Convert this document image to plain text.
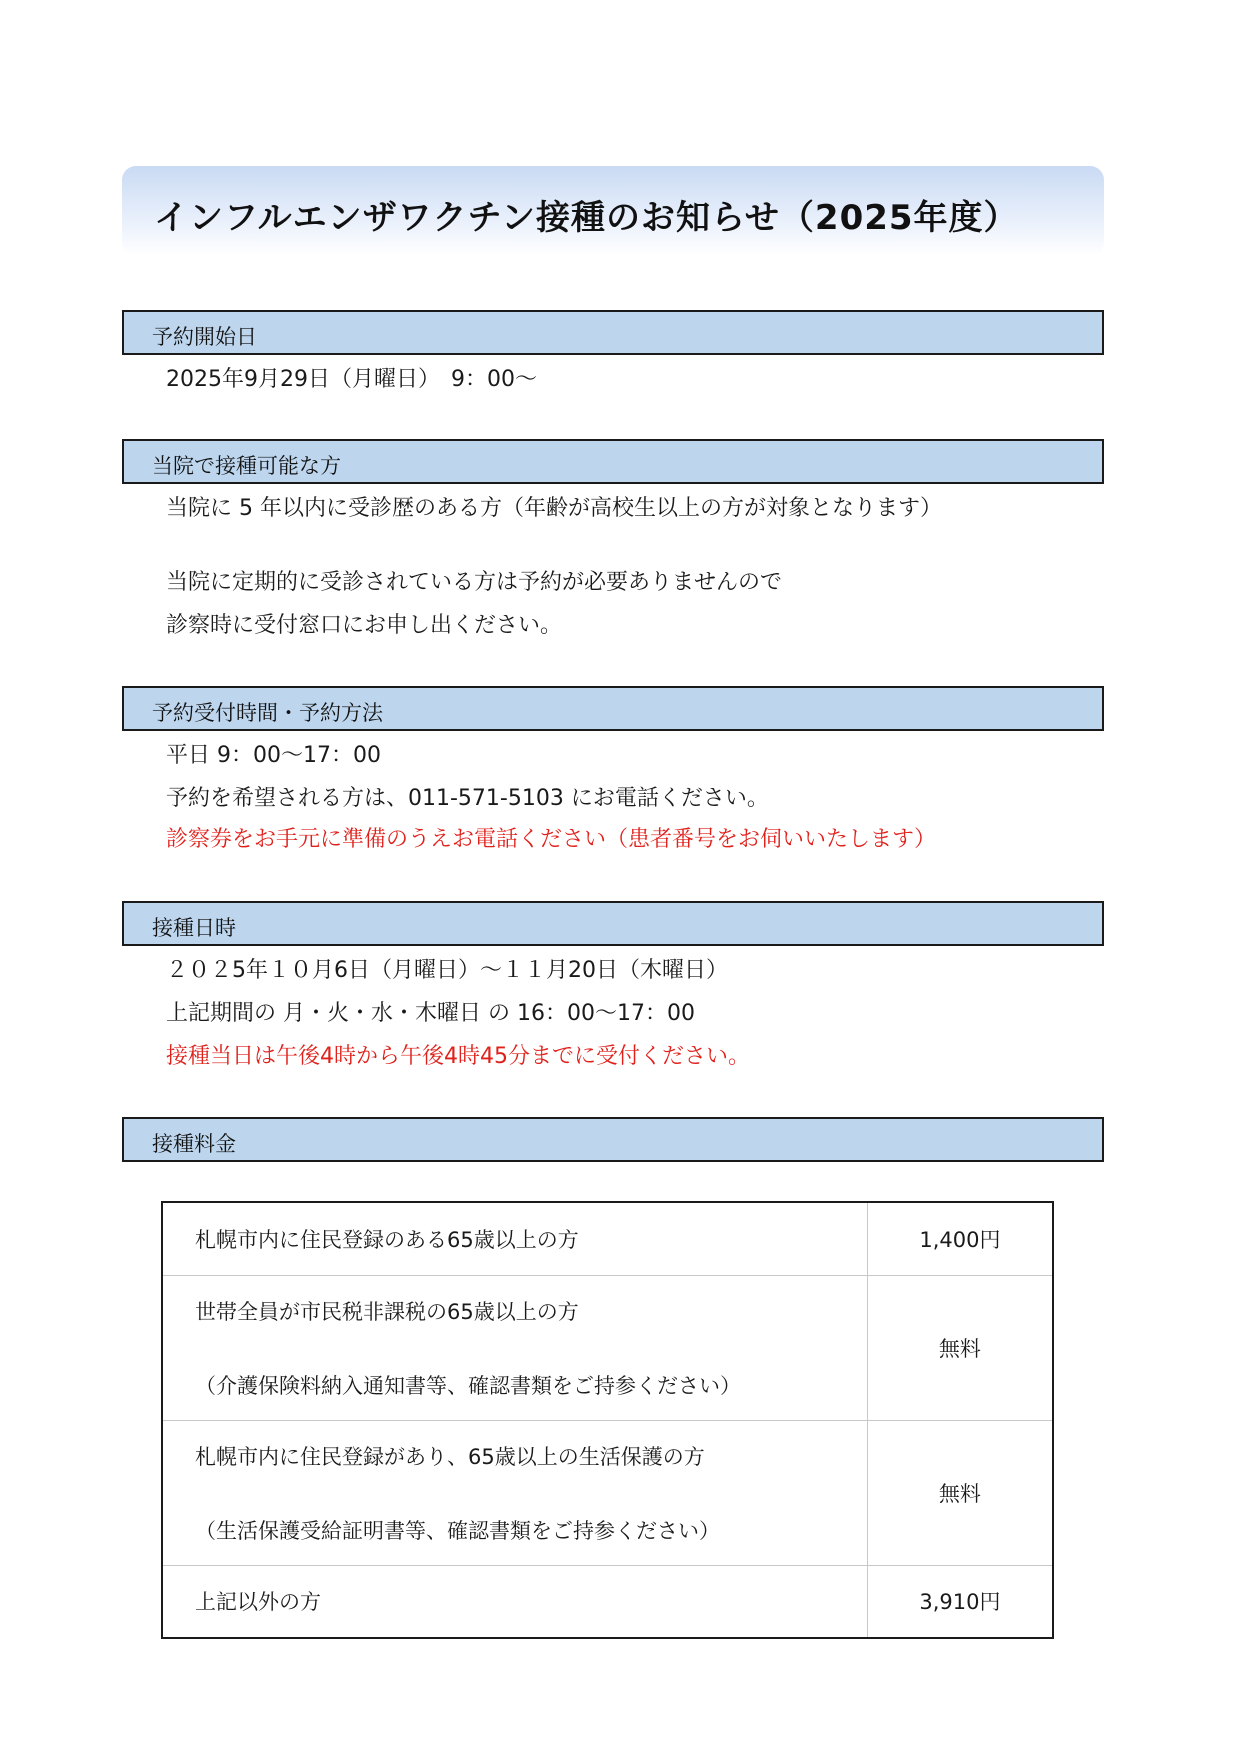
インフルエンザワクチン接種のお知らせ（2025年度）
予約開始日
2025年9月29日（月曜日）　9：00～
当院で接種可能な方
当院に 5 年以内に受診歴のある方（年齢が高校生以上の方が対象となります）
当院に定期的に受診されている方は予約が必要ありませんので
診察時に受付窓口にお申し出ください。
予約受付時間・予約方法
平日 9：00～17：00
予約を希望される方は、011-571-5103 にお電話ください。
診察券をお手元に準備のうえお電話ください（患者番号をお伺いいたします）
接種日時
２０２5年１０月6日（月曜日）～１１月20日（木曜日）
上記期間の 月・火・水・木曜日 の 16：00～17：00
接種当日は午後4時から午後4時45分までに受付ください。
接種料金
札幌市内に住民登録のある65歳以上の方	1,400円

世帯全員が市民税非課税の65歳以上の方
（介護保険料納入通知書等、確認書類をご持参ください）	無料

札幌市内に住民登録があり、65歳以上の生活保護の方
（生活保護受給証明書等、確認書類をご持参ください）	無料

上記以外の方	3,910円
